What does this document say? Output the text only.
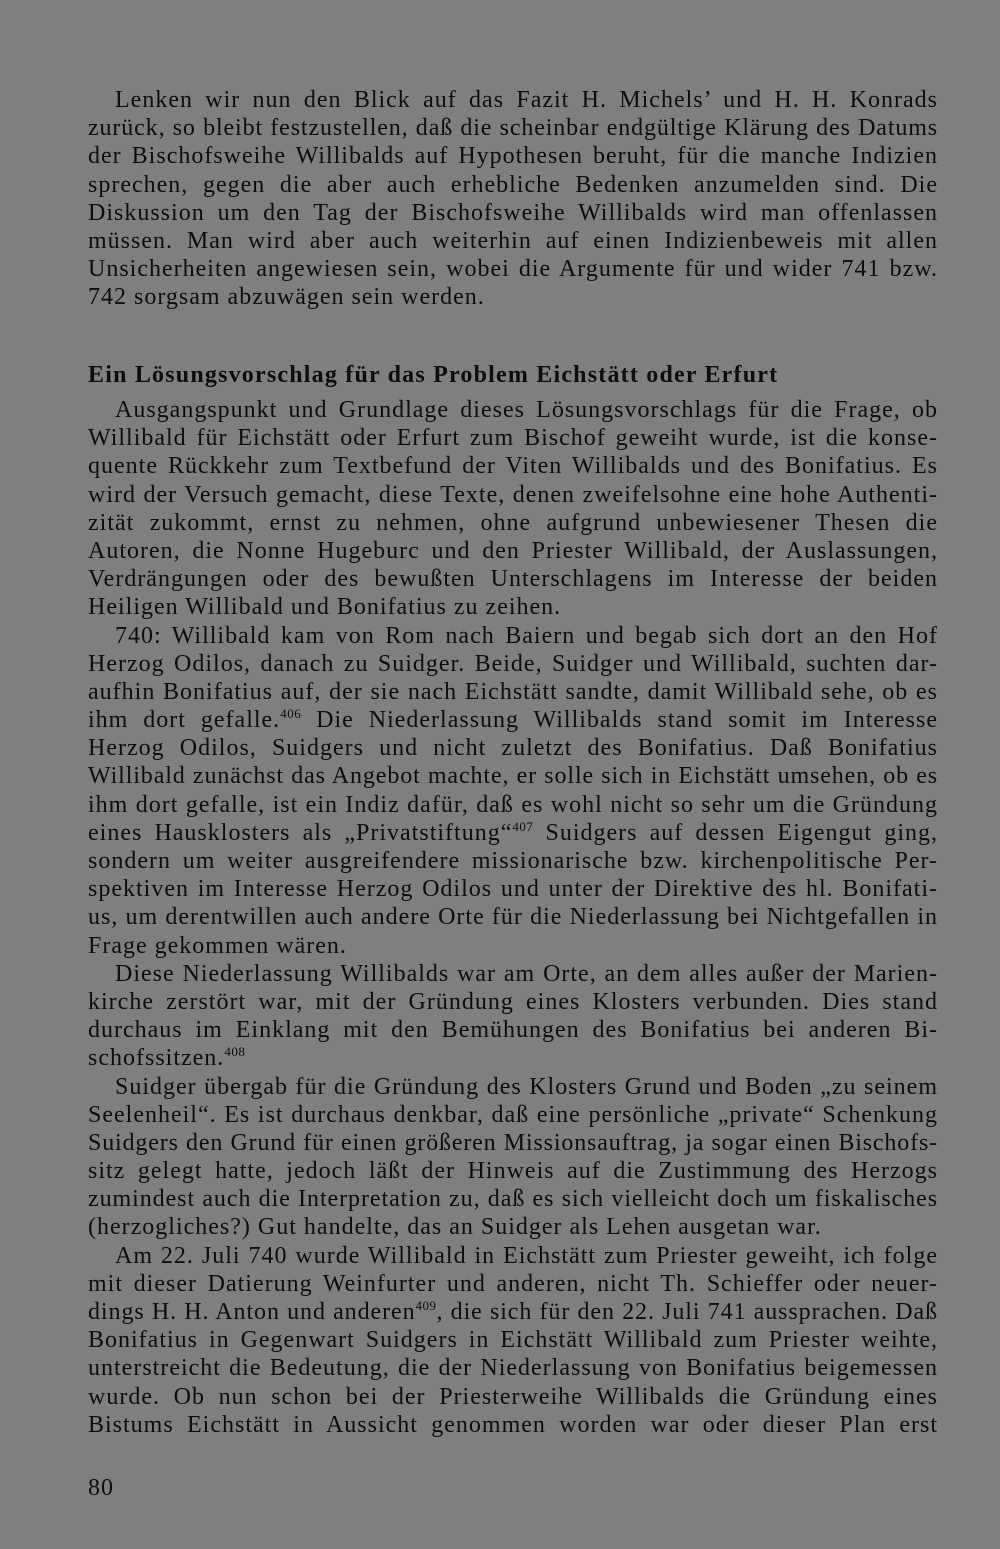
Lenken wir nun den Blick auf das Fazit H. Michels’ und H. H. Konrads
zurück, so bleibt festzustellen, daß die scheinbar endgültige Klärung des Datums
der Bischofsweihe Willibalds auf Hypothesen beruht, für die manche Indizien
sprechen, gegen die aber auch erhebliche Bedenken anzumelden sind. Die
Diskussion um den Tag der Bischofsweihe Willibalds wird man offenlassen
müssen. Man wird aber auch weiterhin auf einen Indizienbeweis mit allen
Unsicherheiten angewiesen sein, wobei die Argumente für und wider 741 bzw.
742 sorgsam abzuwägen sein werden.
Ein Lösungsvorschlag für das Problem Eichstätt oder Erfurt
Ausgangspunkt und Grundlage dieses Lösungsvorschlags für die Frage, ob
Willibald für Eichstätt oder Erfurt zum Bischof geweiht wurde, ist die konse-
quente Rückkehr zum Textbefund der Viten Willibalds und des Bonifatius. Es
wird der Versuch gemacht, diese Texte, denen zweifelsohne eine hohe Authenti-
zität zukommt, ernst zu nehmen, ohne aufgrund unbewiesener Thesen die
Autoren, die Nonne Hugeburc und den Priester Willibald, der Auslassungen,
Verdrängungen oder des bewußten Unterschlagens im Interesse der beiden
Heiligen Willibald und Bonifatius zu zeihen.
740: Willibald kam von Rom nach Baiern und begab sich dort an den Hof
Herzog Odilos, danach zu Suidger. Beide, Suidger und Willibald, suchten dar-
aufhin Bonifatius auf, der sie nach Eichstätt sandte, damit Willibald sehe, ob es
ihm dort gefalle.$^{406}$ Die Niederlassung Willibalds stand somit im Interesse
Herzog Odilos, Suidgers und nicht zuletzt des Bonifatius. Daß Bonifatius
Willibald zunächst das Angebot machte, er solle sich in Eichstätt umsehen, ob es
ihm dort gefalle, ist ein Indiz dafür, daß es wohl nicht so sehr um die Gründung
eines Hausklosters als „Privatstiftung“$^{407}$ Suidgers auf dessen Eigengut ging,
sondern um weiter ausgreifendere missionarische bzw. kirchenpolitische Per-
spektiven im Interesse Herzog Odilos und unter der Direktive des hl. Bonifati-
us, um derentwillen auch andere Orte für die Niederlassung bei Nichtgefallen in
Frage gekommen wären.
Diese Niederlassung Willibalds war am Orte, an dem alles außer der Marien-
kirche zerstört war, mit der Gründung eines Klosters verbunden. Dies stand
durchaus im Einklang mit den Bemühungen des Bonifatius bei anderen Bi-
schofssitzen.$^{408}$
Suidger übergab für die Gründung des Klosters Grund und Boden „zu seinem
Seelenheil“. Es ist durchaus denkbar, daß eine persönliche „private“ Schenkung
Suidgers den Grund für einen größeren Missionsauftrag, ja sogar einen Bischofs-
sitz gelegt hatte, jedoch läßt der Hinweis auf die Zustimmung des Herzogs
zumindest auch die Interpretation zu, daß es sich vielleicht doch um fiskalisches
(herzogliches?) Gut handelte, das an Suidger als Lehen ausgetan war.
Am 22. Juli 740 wurde Willibald in Eichstätt zum Priester geweiht, ich folge
mit dieser Datierung Weinfurter und anderen, nicht Th. Schieffer oder neuer-
dings H. H. Anton und anderen$^{409}$, die sich für den 22. Juli 741 aussprachen. Daß
Bonifatius in Gegenwart Suidgers in Eichstätt Willibald zum Priester weihte,
unterstreicht die Bedeutung, die der Niederlassung von Bonifatius beigemessen
wurde. Ob nun schon bei der Priesterweihe Willibalds die Gründung eines
Bistums Eichstätt in Aussicht genommen worden war oder dieser Plan erst
80
